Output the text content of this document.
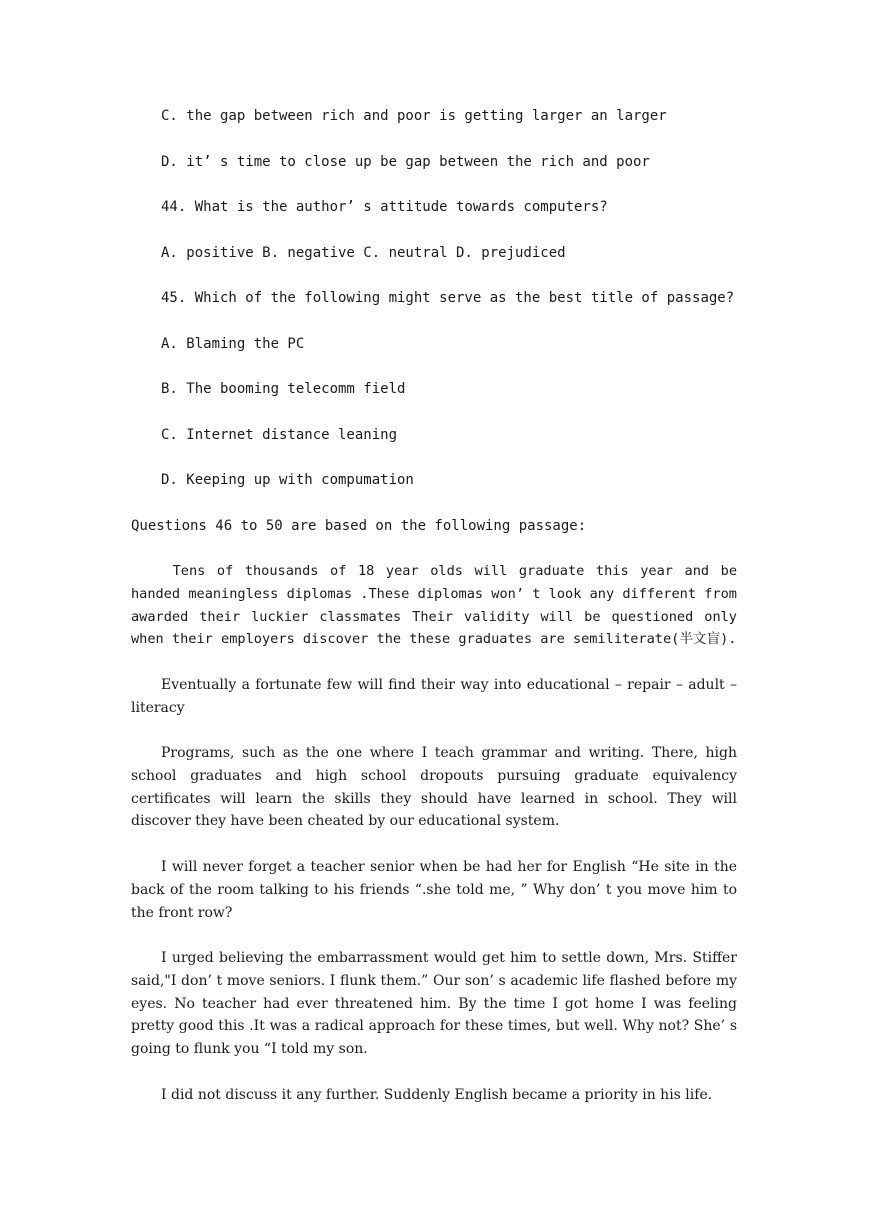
C. the gap between rich and poor is getting larger an larger
D. it’ s time to close up be gap between the rich and poor
44. What is the author’ s attitude towards computers?
A. positive B. negative C. neutral D. prejudiced
45. Which of the following might serve as the best title of passage?
A. Blaming the PC
B. The booming telecomm field
C. Internet distance leaning
D. Keeping up with compumation
Questions 46 to 50 are based on the following passage:
Tens of thousands of 18 year olds will graduate this year and be handed meaningless diplomas .These diplomas won’ t look any different from awarded their luckier classmates Their validity will be questioned only when their employers discover the these graduates are semiliterate(半文盲).
Eventually a fortunate few will find their way into educational – repair – adult – literacy
Programs, such as the one where I teach grammar and writing. There, high school graduates and high school dropouts pursuing graduate equivalency certificates will learn the skills they should have learned in school. They will discover they have been cheated by our educational system.
I will never forget a teacher senior when be had her for English “He site in the back of the room talking to his friends “.she told me, ” Why don’ t you move him to the front row?
I urged believing the embarrassment would get him to settle down, Mrs. Stiffer said,"I don’ t move seniors. I flunk them.” Our son’ s academic life flashed before my eyes. No teacher had ever threatened him. By the time I got home I was feeling pretty good this .It was a radical approach for these times, but well. Why not? She’ s going to flunk you “I told my son.
I did not discuss it any further. Suddenly English became a priority in his life.
